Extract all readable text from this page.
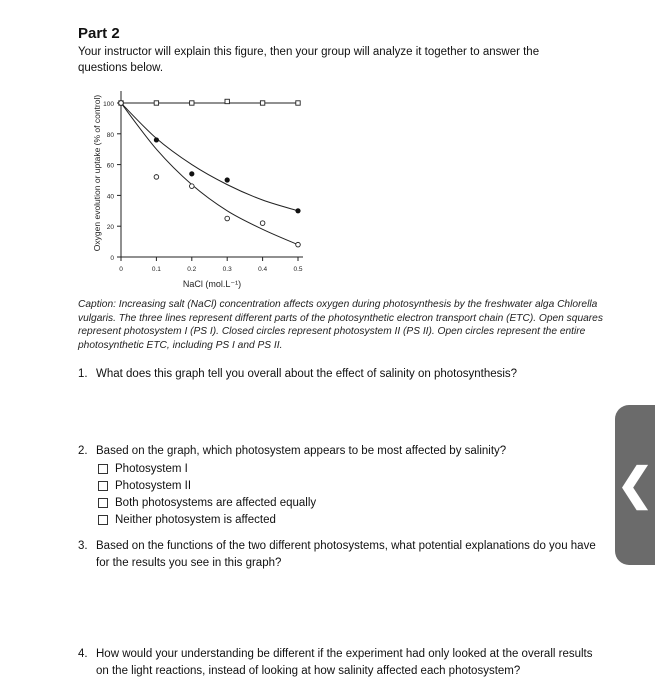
Part 2
Your instructor will explain this figure, then your group will analyze it together to answer the questions below.
Oxygen evolution or uptake (% of control)
0
20
40
60
80
100
0	0.1	0.2	0.3	0.4	0.5
NaCl (mol.L⁻¹)
Caption: Increasing salt (NaCl) concentration affects oxygen during photosynthesis by the freshwater alga Chlorella vulgaris. The three lines represent different parts of the photosynthetic electron transport chain (ETC). Open squares represent photosystem I (PS I). Closed circles represent photosystem II (PS II). Open circles represent the entire photosynthetic ETC, including PS I and PS II.
1. What does this graph tell you overall about the effect of salinity on photosynthesis?
2. Based on the graph, which photosystem appears to be most affected by salinity?
Photosystem I
Photosystem II
Both photosystems are affected equally
Neither photosystem is affected
3. Based on the functions of the two different photosystems, what potential explanations do you have for the results you see in this graph?
4. How would your understanding be different if the experiment had only looked at the overall results on the light reactions, instead of looking at how salinity affected each photosystem?
❮
